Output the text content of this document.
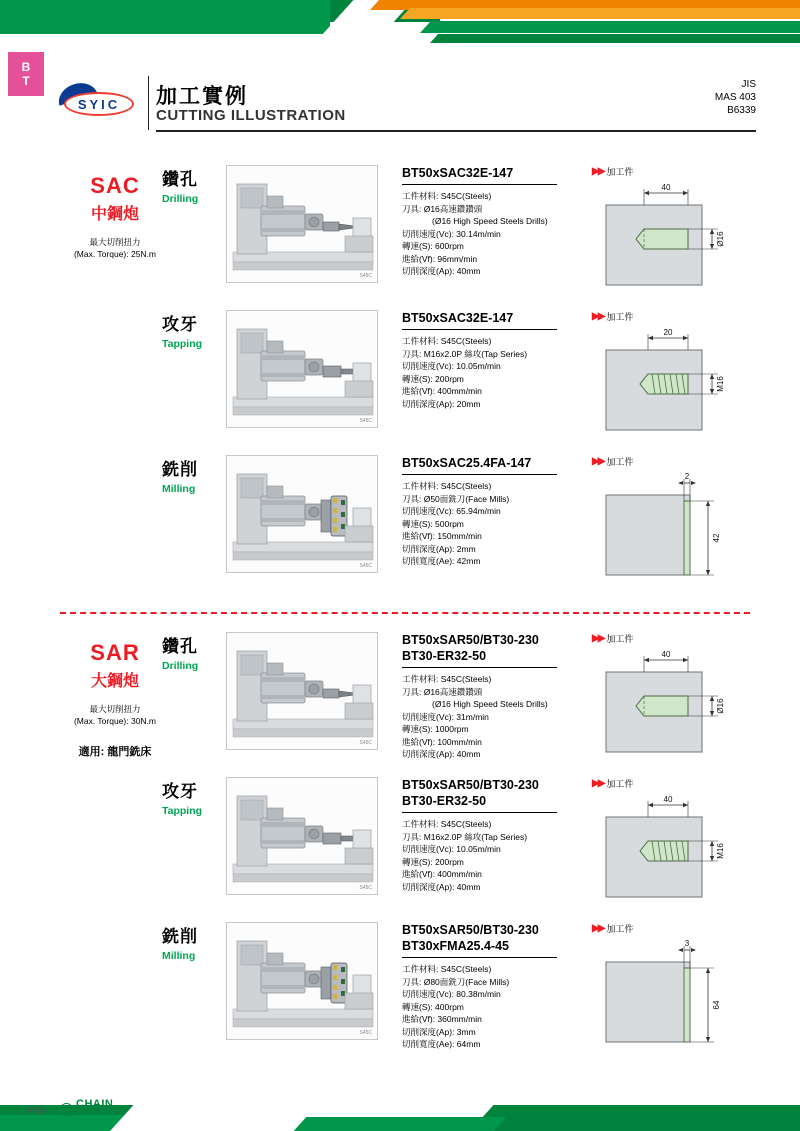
B
T
SYIC	加工實例
CUTTING ILLUSTRATION
JIS
MAS 403
B6339
SAC
中鋼炮
最大切削扭力
(Max. Torque): 25N.m
鑽孔
Drilling
S45C
BT50xSAC32E-147
工件材料: S45C(Steels)
刀具: Ø16高速鑽鑽頭
(Ø16 High Speed Steels Drills)
切削速度(Vc): 30.14m/min
轉速(S): 600rpm
進給(Vf): 96mm/min
切削深度(Ap): 40mm
▶▶ 加工件
40
Ø16
攻牙
Tapping
S45C
BT50xSAC32E-147
工件材料: S45C(Steels)
刀具: M16x2.0P 絲攻(Tap Series)
切削速度(Vc): 10.05m/min
轉速(S): 200rpm
進給(Vf): 400mm/min
切削深度(Ap): 20mm
▶▶ 加工件
20
M16
銑削
Milling
S45C
BT50xSAC25.4FA-147
工件材料: S45C(Steels)
刀具: Ø50面銑刀(Face Mills)
切削速度(Vc): 65.94m/min
轉速(S): 500rpm
進給(Vf): 150mm/min
切削深度(Ap): 2mm
切削寬度(Ae): 42mm
▶▶ 加工件
2
42
SAR
大鋼炮
最大切削扭力
(Max. Torque): 30N.m
適用: 龍門銑床
鑽孔
Drilling
S45C
BT50xSAR50/BT30-230
BT30-ER32-50
工件材料: S45C(Steels)
刀具: Ø16高速鑽鑽頭
(Ø16 High Speed Steels Drills)
切削速度(Vc): 31m/min
轉速(S): 1000rpm
進給(Vf): 100mm/min
切削深度(Ap): 40mm
▶▶ 加工件
40
Ø16
攻牙
Tapping
S45C
BT50xSAR50/BT30-230
BT30-ER32-50
工件材料: S45C(Steels)
刀具: M16x2.0P 絲攻(Tap Series)
切削速度(Vc): 10.05m/min
轉速(S): 200rpm
進給(Vf): 400mm/min
切削深度(Ap): 40mm
▶▶ 加工件
40
M16
銑削
Milling
S45C
BT50xSAR50/BT30-230
BT30xFMA25.4-45
工件材料: S45C(Steels)
刀具: Ø80面銑刀(Face Mills)
切削速度(Vc): 80.38m/min
轉速(S): 400rpm
進給(Vf): 360mm/min
切削深度(Ap): 3mm
切削寬度(Ae): 64mm
▶▶ 加工件
3
64
A034	C CHAIN
HEADWAY
